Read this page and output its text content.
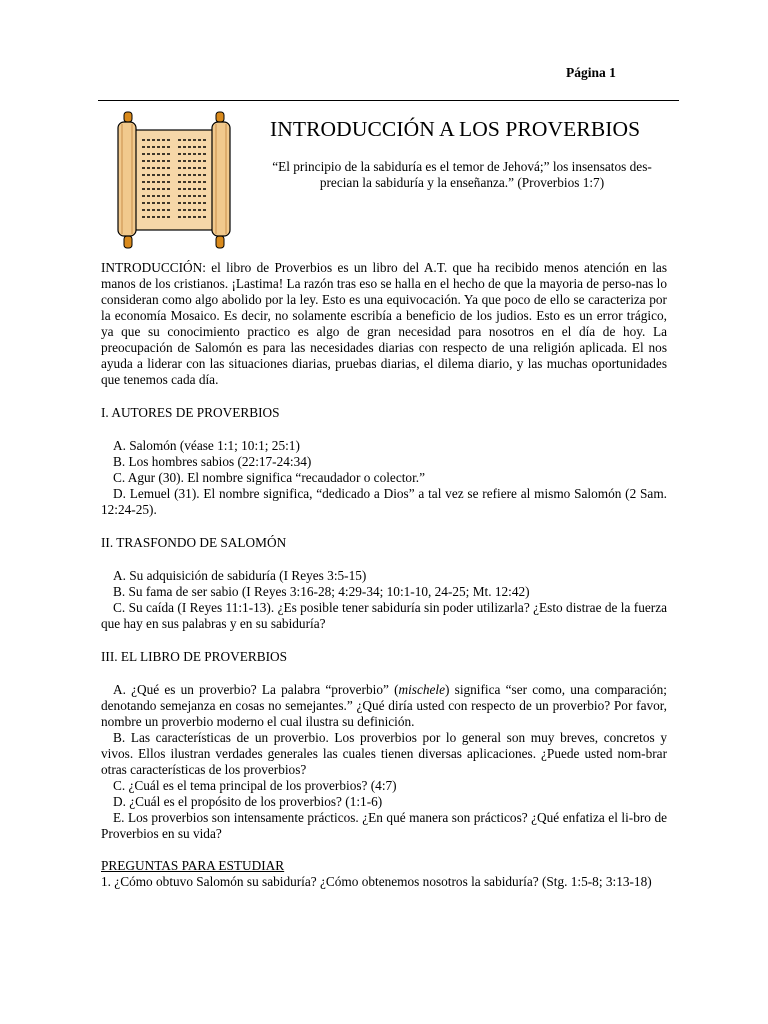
Página 1
INTRODUCCIÓN A LOS PROVERBIOS
“El principio de la sabiduría es el temor de Jehová;” los insensatos des-precian la sabiduría y la enseñanza.” (Proverbios 1:7)

INTRODUCCIÓN: el libro de Proverbios es un libro del A.T. que ha recibido menos atención en las manos de los cristianos. ¡Lastima! La razón tras eso se halla en el hecho de que la mayoria de perso-nas lo consideran como algo abolido por la ley. Esto es una equivocación. Ya que poco de ello se caracteriza por la economía Mosaico. Es decir, no solamente escribía a beneficio de los judios. Esto es un error trágico, ya que su conocimiento practico es algo de gran necesidad para nosotros en el día de hoy. La preocupación de Salomón es para las necesidades diarias con respecto de una religión aplicada. El nos ayuda a liderar con las situaciones diarias, pruebas diarias, el dilema diario, y las muchas oportunidades que tenemos cada día.

I. AUTORES DE PROVERBIOS

A. Salomón (véase 1:1; 10:1; 25:1)

B. Los hombres sabios (22:17-24:34)

C. Agur (30). El nombre significa “recaudador o colector.”

D. Lemuel (31). El nombre significa, “dedicado a Dios” a tal vez se refiere al mismo Salomón (2 Sam. 12:24-25).

II. TRASFONDO DE SALOMÓN

A. Su adquisición de sabiduría (I Reyes 3:5-15)

B. Su fama de ser sabio (I Reyes 3:16-28; 4:29-34; 10:1-10, 24-25; Mt. 12:42)

C. Su caída (I Reyes 11:1-13). ¿Es posible tener sabiduría sin poder utilizarla? ¿Esto distrae de la fuerza que hay en sus palabras y en su sabiduría?

III. EL LIBRO DE PROVERBIOS

A. ¿Qué es un proverbio? La palabra “proverbio” (mischele) significa “ser como, una comparación; denotando semejanza en cosas no semejantes.” ¿Qué diría usted con respecto de un proverbio? Por favor, nombre un proverbio moderno el cual ilustra su definición.

B. Las características de un proverbio. Los proverbios por lo general son muy breves, concretos y vivos. Ellos ilustran verdades generales las cuales tienen diversas aplicaciones. ¿Puede usted nom-brar otras características de los proverbios?

C. ¿Cuál es el tema principal de los proverbios? (4:7)

D. ¿Cuál es el propósito de los proverbios? (1:1-6)

E. Los proverbios son intensamente prácticos. ¿En qué manera son prácticos? ¿Qué enfatiza el li-bro de Proverbios en su vida?

PREGUNTAS PARA ESTUDIAR

1. ¿Cómo obtuvo Salomón su sabiduría? ¿Cómo obtenemos nosotros la sabiduría? (Stg. 1:5-8; 3:13-18)
